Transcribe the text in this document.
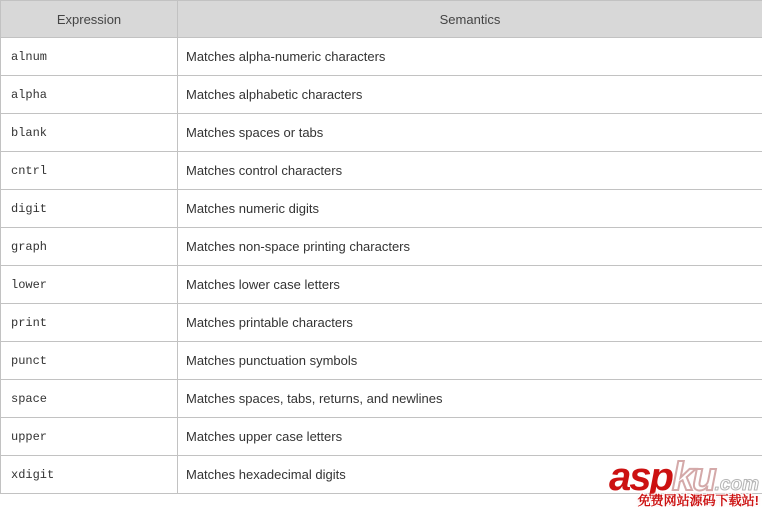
Expression	Semantics
alnum	Matches alpha-numeric characters
alpha	Matches alphabetic characters
blank	Matches spaces or tabs
cntrl	Matches control characters
digit	Matches numeric digits
graph	Matches non-space printing characters
lower	Matches lower case letters
print	Matches printable characters
punct	Matches punctuation symbols
space	Matches spaces, tabs, returns, and newlines
upper	Matches upper case letters
xdigit	Matches hexadecimal digits	aspku.com
免费网站源码下载站!
